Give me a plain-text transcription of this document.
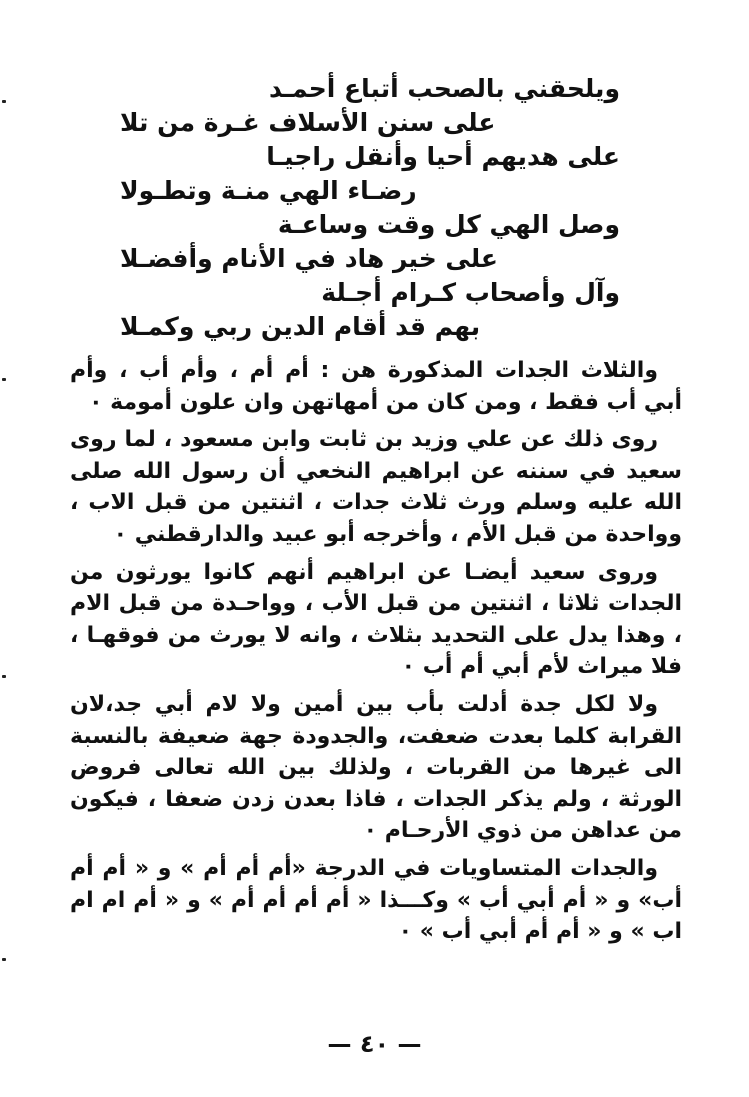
ويلحقني بالصحب أتباع أحمـد
على سنن الأسلاف غـرة من تلا
على هديهم أحيا وأنقل راجيـا
رضـاء الهي منـة وتطـولا
وصل الهي كل وقت وساعـة
على خير هاد في الأنام وأفضـلا
وآل وأصحاب كـرام أجـلة
بهم قد أقام الدين ربي وكمـلا

والثلاث الجدات المذكورة هن : أم أم ، وأم أب ، وأم أبي أب فقط ، ومن كان من أمهاتهن وان علون أمومة ٠

روى ذلك عن علي وزيد بن ثابت وابن مسعود ، لما روى سعيد في سننه عن ابراهيم النخعي أن رسول الله صلى الله عليه وسلم ورث ثلاث جدات ، اثنتين من قبل الاب ، وواحدة من قبل الأم ، وأخرجه أبو عبيد والدارقطني ٠

وروى سعيد أيضـا عن ابراهيم أنهم كانوا يورثون من الجدات ثلاثا ، اثنتين من قبل الأب ، وواحـدة من قبل الام ، وهذا يدل على التحديد بثلاث ، وانه لا يورث من فوقهـا ، فلا ميراث لأم أبي أم أب ٠

ولا لكل جدة أدلت بأب بين أمين ولا لام أبي جد،لان القرابة كلما بعدت ضعفت، والجدودة جهة ضعيفة بالنسبة الى غيرها من القربات ، ولذلك بين الله تعالى فروض الورثة ، ولم يذكر الجدات ، فاذا بعدن زدن ضعفا ، فيكون من عداهن من ذوي الأرحـام ٠

والجدات المتساويات في الدرجة «أم أم أم » و « أم أم أب» و « أم أبي أب » وكـــذا « أم أم أم أم » و « أم ام ام اب » و « أم أم أبي أب » ٠

— ٤٠ —
